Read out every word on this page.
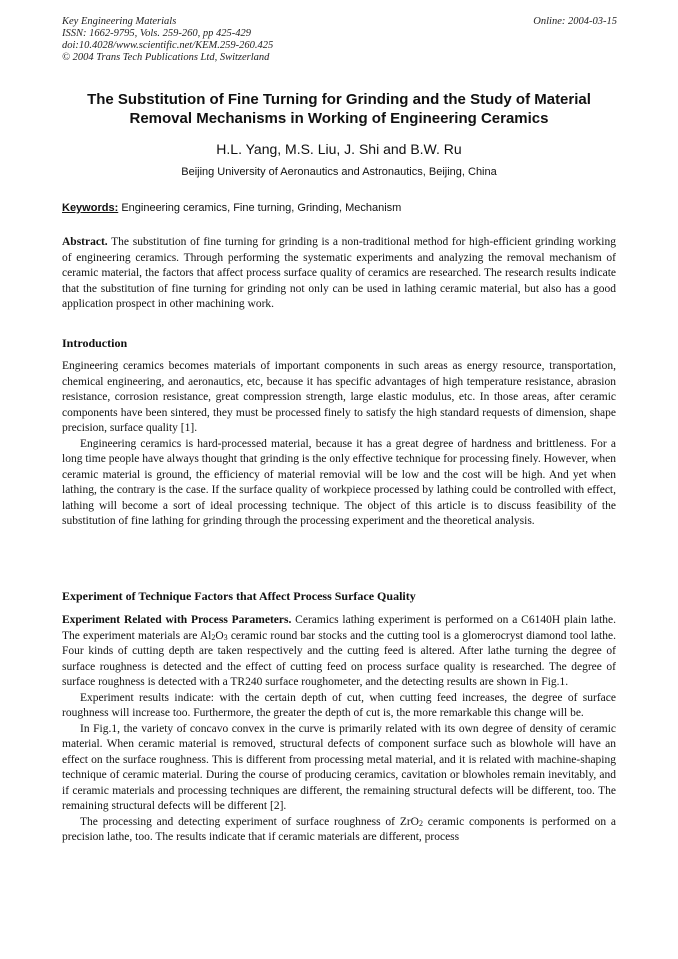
Key Engineering Materials
ISSN: 1662-9795, Vols. 259-260, pp 425-429
doi:10.4028/www.scientific.net/KEM.259-260.425
© 2004 Trans Tech Publications Ltd, Switzerland
Online: 2004-03-15
The Substitution of Fine Turning for Grinding and the Study of Material
Removal Mechanisms in Working of Engineering Ceramics
H.L. Yang, M.S. Liu, J. Shi and B.W. Ru
Beijing University of Aeronautics and Astronautics, Beijing, China
Keywords: Engineering ceramics, Fine turning, Grinding, Mechanism

Abstract. The substitution of fine turning for grinding is a non-traditional method for high-efficient grinding working of engineering ceramics. Through performing the systematic experiments and analyzing the removal mechanism of ceramic material, the factors that affect process surface quality of ceramics are researched. The research results indicate that the substitution of fine turning for grinding not only can be used in lathing ceramic material, but also has a good application prospect in other machining work.

Introduction

Engineering ceramics becomes materials of important components in such areas as energy resource, transportation, chemical engineering, and aeronautics, etc, because it has specific advantages of high temperature resistance, abrasion resistance, corrosion resistance, great compression strength, large elastic modulus, etc. In those areas, after ceramic components have been sintered, they must be processed finely to satisfy the high standard requests of dimension, shape precision, surface quality [1].

Engineering ceramics is hard-processed material, because it has a great degree of hardness and brittleness. For a long time people have always thought that grinding is the only effective technique for processing finely. However, when ceramic material is ground, the efficiency of material removial will be low and the cost will be high. And yet when lathing, the contrary is the case. If the surface quality of workpiece processed by lathing could be controlled with effect, lathing will become a sort of ideal processing technique. The object of this article is to discuss feasibility of the substitution of fine lathing for grinding through the processing experiment and the theoretical analysis.

Experiment of Technique Factors that Affect Process Surface Quality

Experiment Related with Process Parameters. Ceramics lathing experiment is performed on a C6140H plain lathe. The experiment materials are $Al_2O_3$ ceramic round bar stocks and the cutting tool is a glomerocryst diamond tool lathe. Four kinds of cutting depth are taken respectively and the cutting feed is altered. After lathe turning the degree of surface roughness is detected and the effect of cutting feed on process surface quality is researched. The degree of surface roughness is detected with a TR240 surface roughometer, and the detecting results are shown in Fig.1.

Experiment results indicate: with the certain depth of cut, when cutting feed increases, the degree of surface roughness will increase too. Furthermore, the greater the depth of cut is, the more remarkable this change will be.

In Fig.1, the variety of concavo convex in the curve is primarily related with its own degree of density of ceramic material. When ceramic material is removed, structural defects of component surface such as blowhole will have an effect on the surface roughness. This is different from processing metal material, and it is related with machine-shaping technique of ceramic material. During the course of producing ceramics, cavitation or blowholes remain inevitably, and if ceramic materials and processing techniques are different, the remaining structural defects will be different, too. The remaining structural defects will be different [2].

The processing and detecting experiment of surface roughness of ZrO$_2$ ceramic components is performed on a precision lathe, too. The results indicate that if ceramic materials are different, process
